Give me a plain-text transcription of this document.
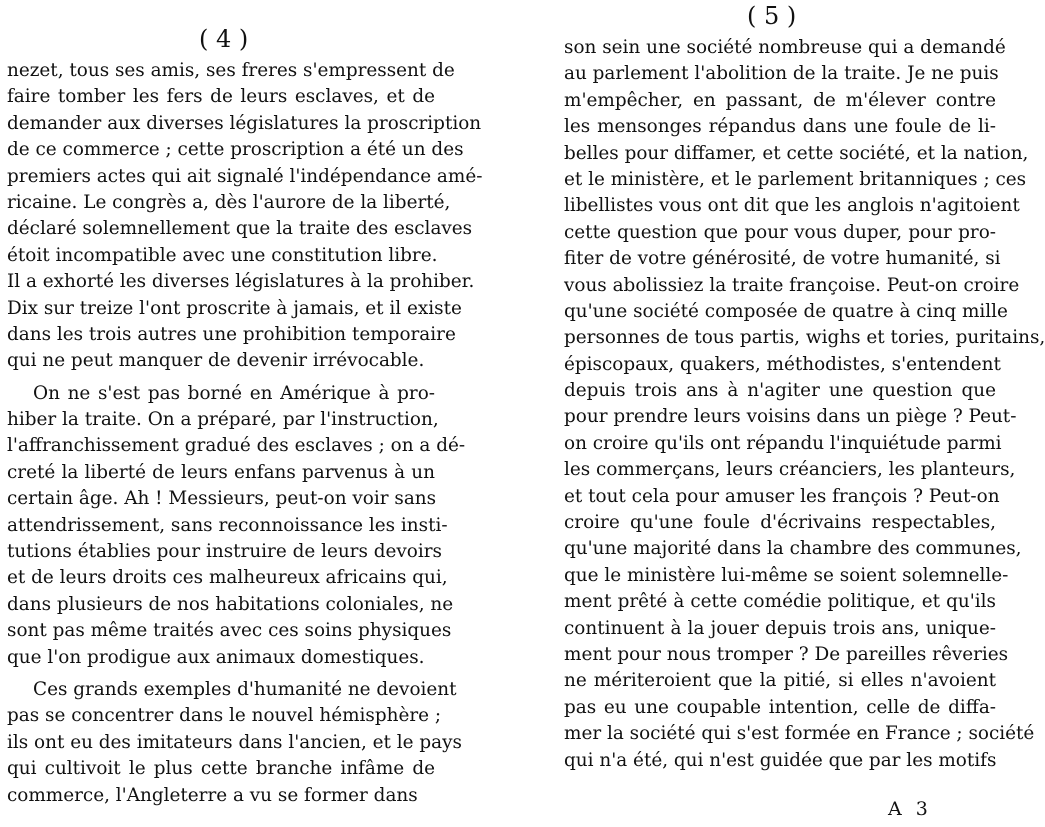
( 4 )
nezet, tous ses amis, ses freres s'empressent de
faire tomber les fers de leurs esclaves, et de
demander aux diverses législatures la proscription
de ce commerce ; cette proscription a été un des
premiers actes qui ait signalé l'indépendance amé-
ricaine. Le congrès a, dès l'aurore de la liberté,
déclaré solemnellement que la traite des esclaves
étoit incompatible avec une constitution libre.
Il a exhorté les diverses législatures à la prohiber.
Dix sur treize l'ont proscrite à jamais, et il existe
dans les trois autres une prohibition temporaire
qui ne peut manquer de devenir irrévocable.
On ne s'est pas borné en Amérique à pro-
hiber la traite. On a préparé, par l'instruction,
l'affranchissement gradué des esclaves ; on a dé-
creté la liberté de leurs enfans parvenus à un
certain âge. Ah ! Messieurs, peut-on voir sans
attendrissement, sans reconnoissance les insti-
tutions établies pour instruire de leurs devoirs
et de leurs droits ces malheureux africains qui,
dans plusieurs de nos habitations coloniales, ne
sont pas même traités avec ces soins physiques
que l'on prodigue aux animaux domestiques.
Ces grands exemples d'humanité ne devoient
pas se concentrer dans le nouvel hémisphère ;
ils ont eu des imitateurs dans l'ancien, et le pays
qui cultivoit le plus cette branche infâme de
commerce, l'Angleterre a vu se former dans
( 5 )
son sein une société nombreuse qui a demandé
au parlement l'abolition de la traite. Je ne puis
m'empêcher, en passant, de m'élever contre
les mensonges répandus dans une foule de li-
belles pour diffamer, et cette société, et la nation,
et le ministère, et le parlement britanniques ; ces
libellistes vous ont dit que les anglois n'agitoient
cette question que pour vous duper, pour pro-
fiter de votre générosité, de votre humanité, si
vous abolissiez la traite françoise. Peut-on croire
qu'une société composée de quatre à cinq mille
personnes de tous partis, wighs et tories, puritains,
épiscopaux, quakers, méthodistes, s'entendent
depuis trois ans à n'agiter une question que
pour prendre leurs voisins dans un piège ? Peut-
on croire qu'ils ont répandu l'inquiétude parmi
les commerçans, leurs créanciers, les planteurs,
et tout cela pour amuser les françois ? Peut-on
croire qu'une foule d'écrivains respectables,
qu'une majorité dans la chambre des communes,
que le ministère lui-même se soient solemnelle-
ment prêté à cette comédie politique, et qu'ils
continuent à la jouer depuis trois ans, unique-
ment pour nous tromper ? De pareilles rêveries
ne mériteroient que la pitié, si elles n'avoient
pas eu une coupable intention, celle de diffa-
mer la société qui s'est formée en France ; société
qui n'a été, qui n'est guidée que par les motifs
A 3
